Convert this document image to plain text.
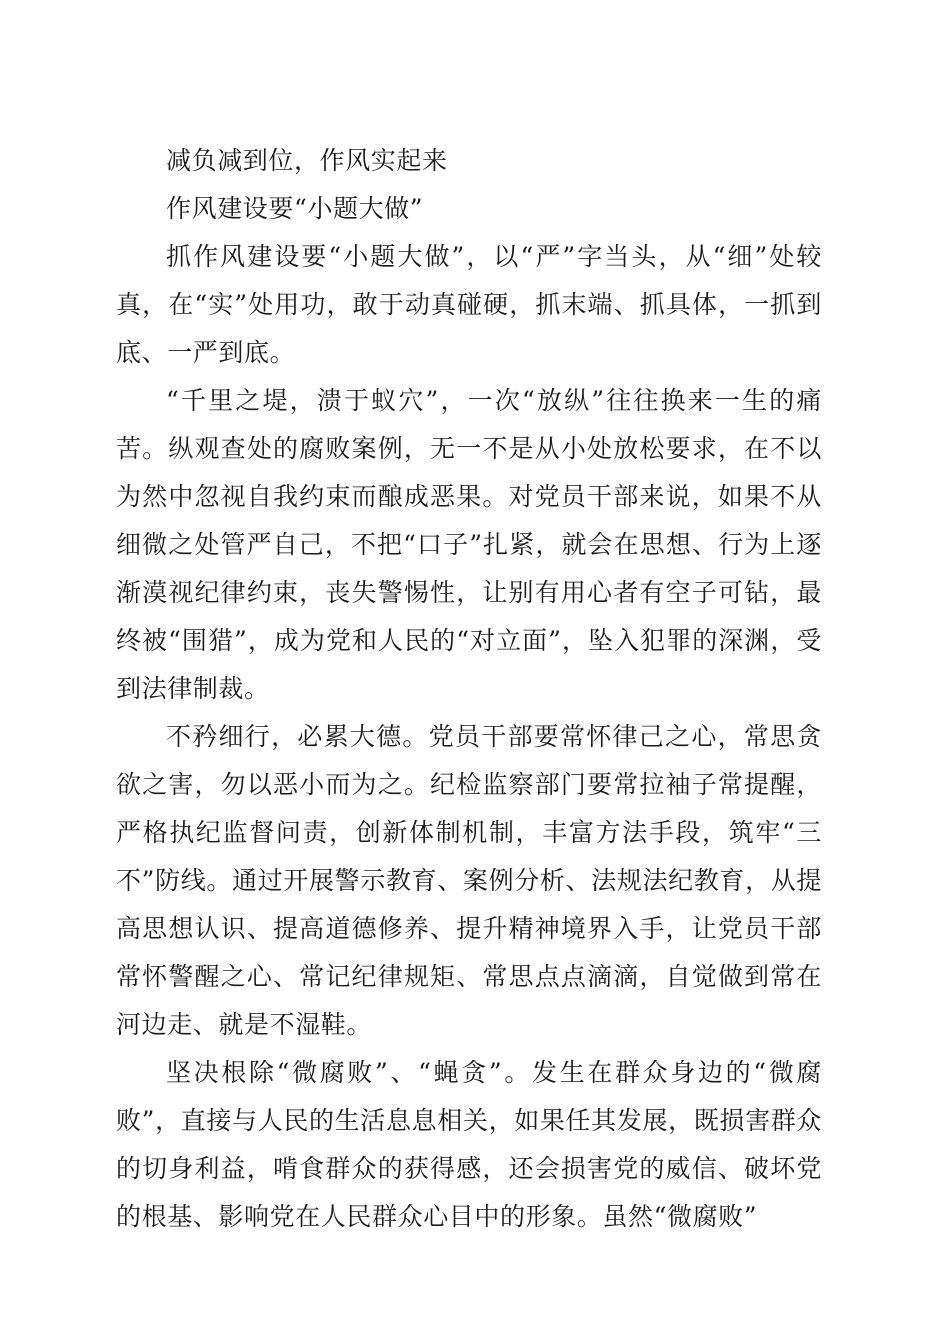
减负减到位，作风实起来

作风建设要“小题大做”

抓作风建设要“小题大做”，以“严”字当头，从“细”处较真，在“实”处用功，敢于动真碰硬，抓末端、抓具体，一抓到底、一严到底。

“千里之堤，溃于蚁穴”，一次“放纵”往往换来一生的痛苦。纵观查处的腐败案例，无一不是从小处放松要求，在不以为然中忽视自我约束而酿成恶果。对党员干部来说，如果不从细微之处管严自己，不把“口子”扎紧，就会在思想、行为上逐渐漠视纪律约束，丧失警惕性，让别有用心者有空子可钻，最终被“围猎”，成为党和人民的“对立面”，坠入犯罪的深渊，受到法律制裁。

不矜细行，必累大德。党员干部要常怀律己之心，常思贪欲之害，勿以恶小而为之。纪检监察部门要常拉袖子常提醒，严格执纪监督问责，创新体制机制，丰富方法手段，筑牢“三不”防线。通过开展警示教育、案例分析、法规法纪教育，从提高思想认识、提高道德修养、提升精神境界入手，让党员干部常怀警醒之心、常记纪律规矩、常思点点滴滴，自觉做到常在河边走、就是不湿鞋。

坚决根除“微腐败”、“蝇贪”。发生在群众身边的“微腐败”，直接与人民的生活息息相关，如果任其发展，既损害群众的切身利益，啃食群众的获得感，还会损害党的威信、破坏党的根基、影响党在人民群众心目中的形象。虽然“微腐败”
